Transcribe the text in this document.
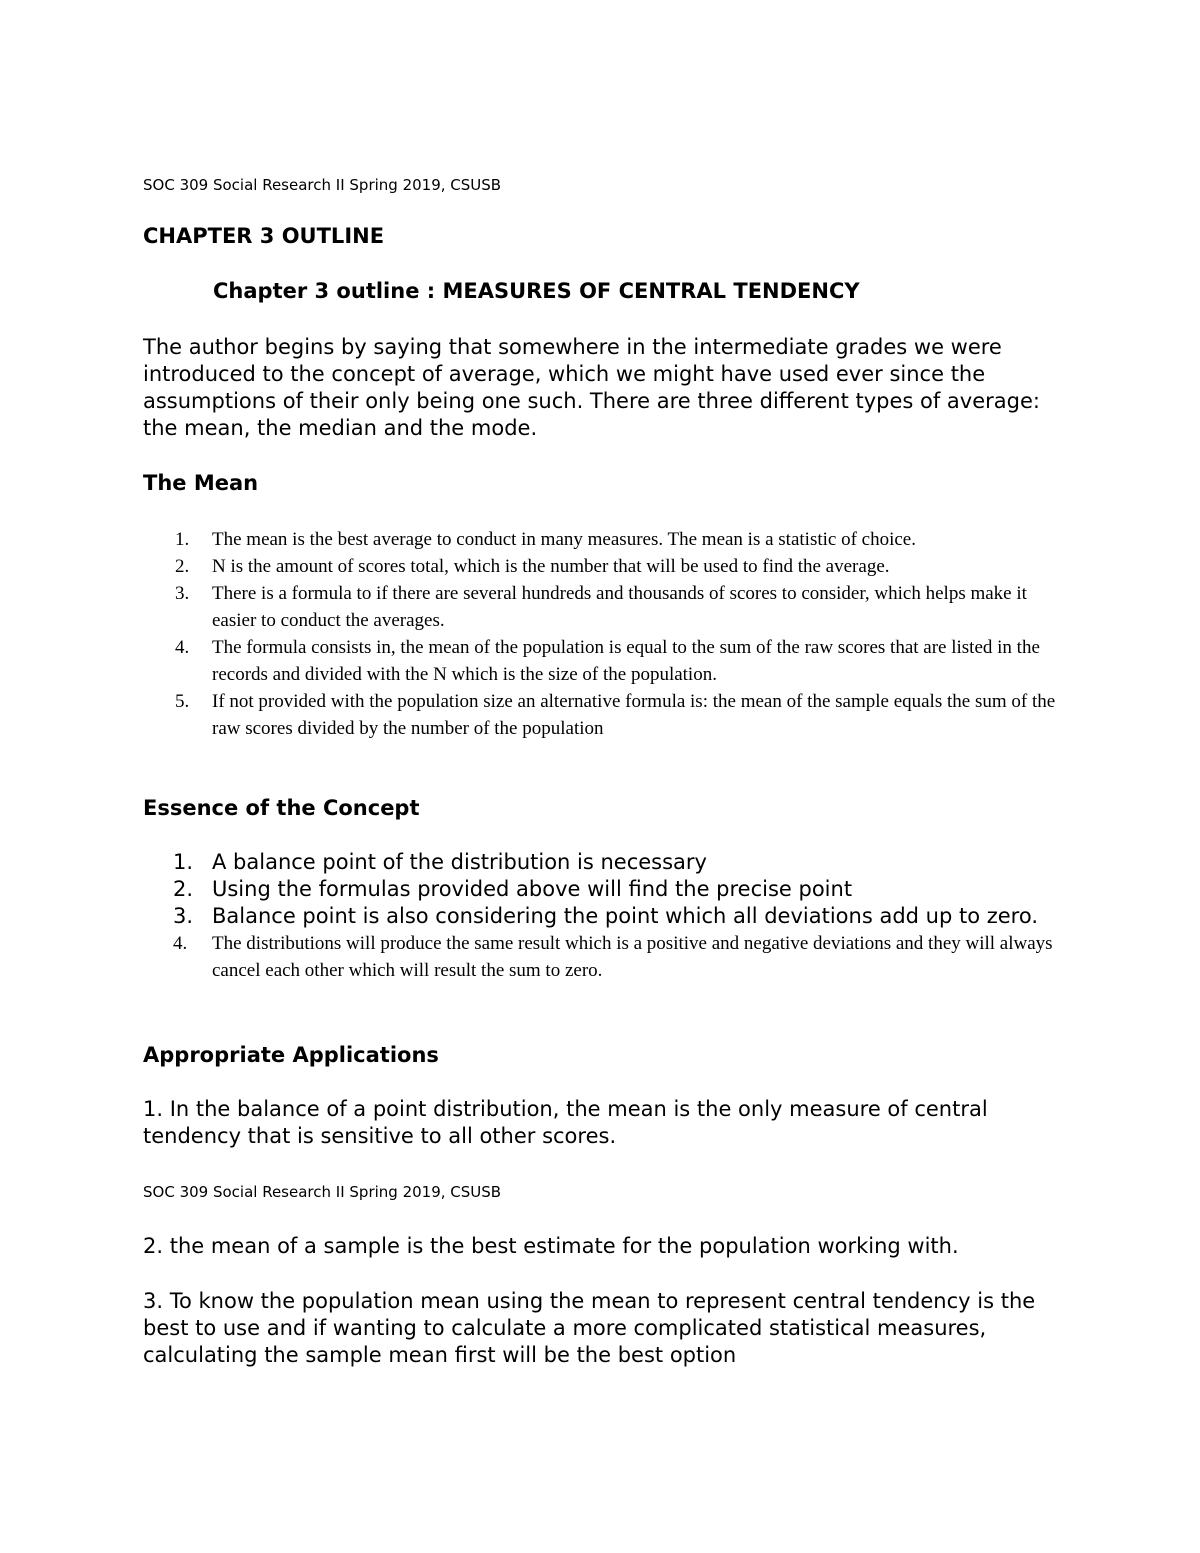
SOC 309 Social Research II Spring 2019, CSUSB
CHAPTER 3 OUTLINE
Chapter 3 outline : MEASURES OF CENTRAL TENDENCY

The author begins by saying that somewhere in the intermediate grades we were introduced to the concept of average, which we might have used ever since the assumptions of their only being one such. There are three different types of average: the mean, the median and the mode.

The Mean
1. The mean is the best average to conduct in many measures. The mean is a statistic of choice.
2. N is the amount of scores total, which is the number that will be used to find the average.
3. There is a formula to if there are several hundreds and thousands of scores to consider, which helps make it easier to conduct the averages.
4. The formula consists in, the mean of the population is equal to the sum of the raw scores that are listed in the records and divided with the N which is the size of the population.
5. If not provided with the population size an alternative formula is: the mean of the sample equals the sum of the raw scores divided by the number of the population
Essence of the Concept
1. A balance point of the distribution is necessary
2. Using the formulas provided above will find the precise point
3. Balance point is also considering the point which all deviations add up to zero.
4. The distributions will produce the same result which is a positive and negative deviations and they will always cancel each other which will result the sum to zero.
Appropriate Applications

1. In the balance of a point distribution, the mean is the only measure of central tendency that is sensitive to all other scores.

SOC 309 Social Research II Spring 2019, CSUSB

2. the mean of a sample is the best estimate for the population working with.

3. To know the population mean using the mean to represent central tendency is the best to use and if wanting to calculate a more complicated statistical measures, calculating the sample mean first will be the best option
